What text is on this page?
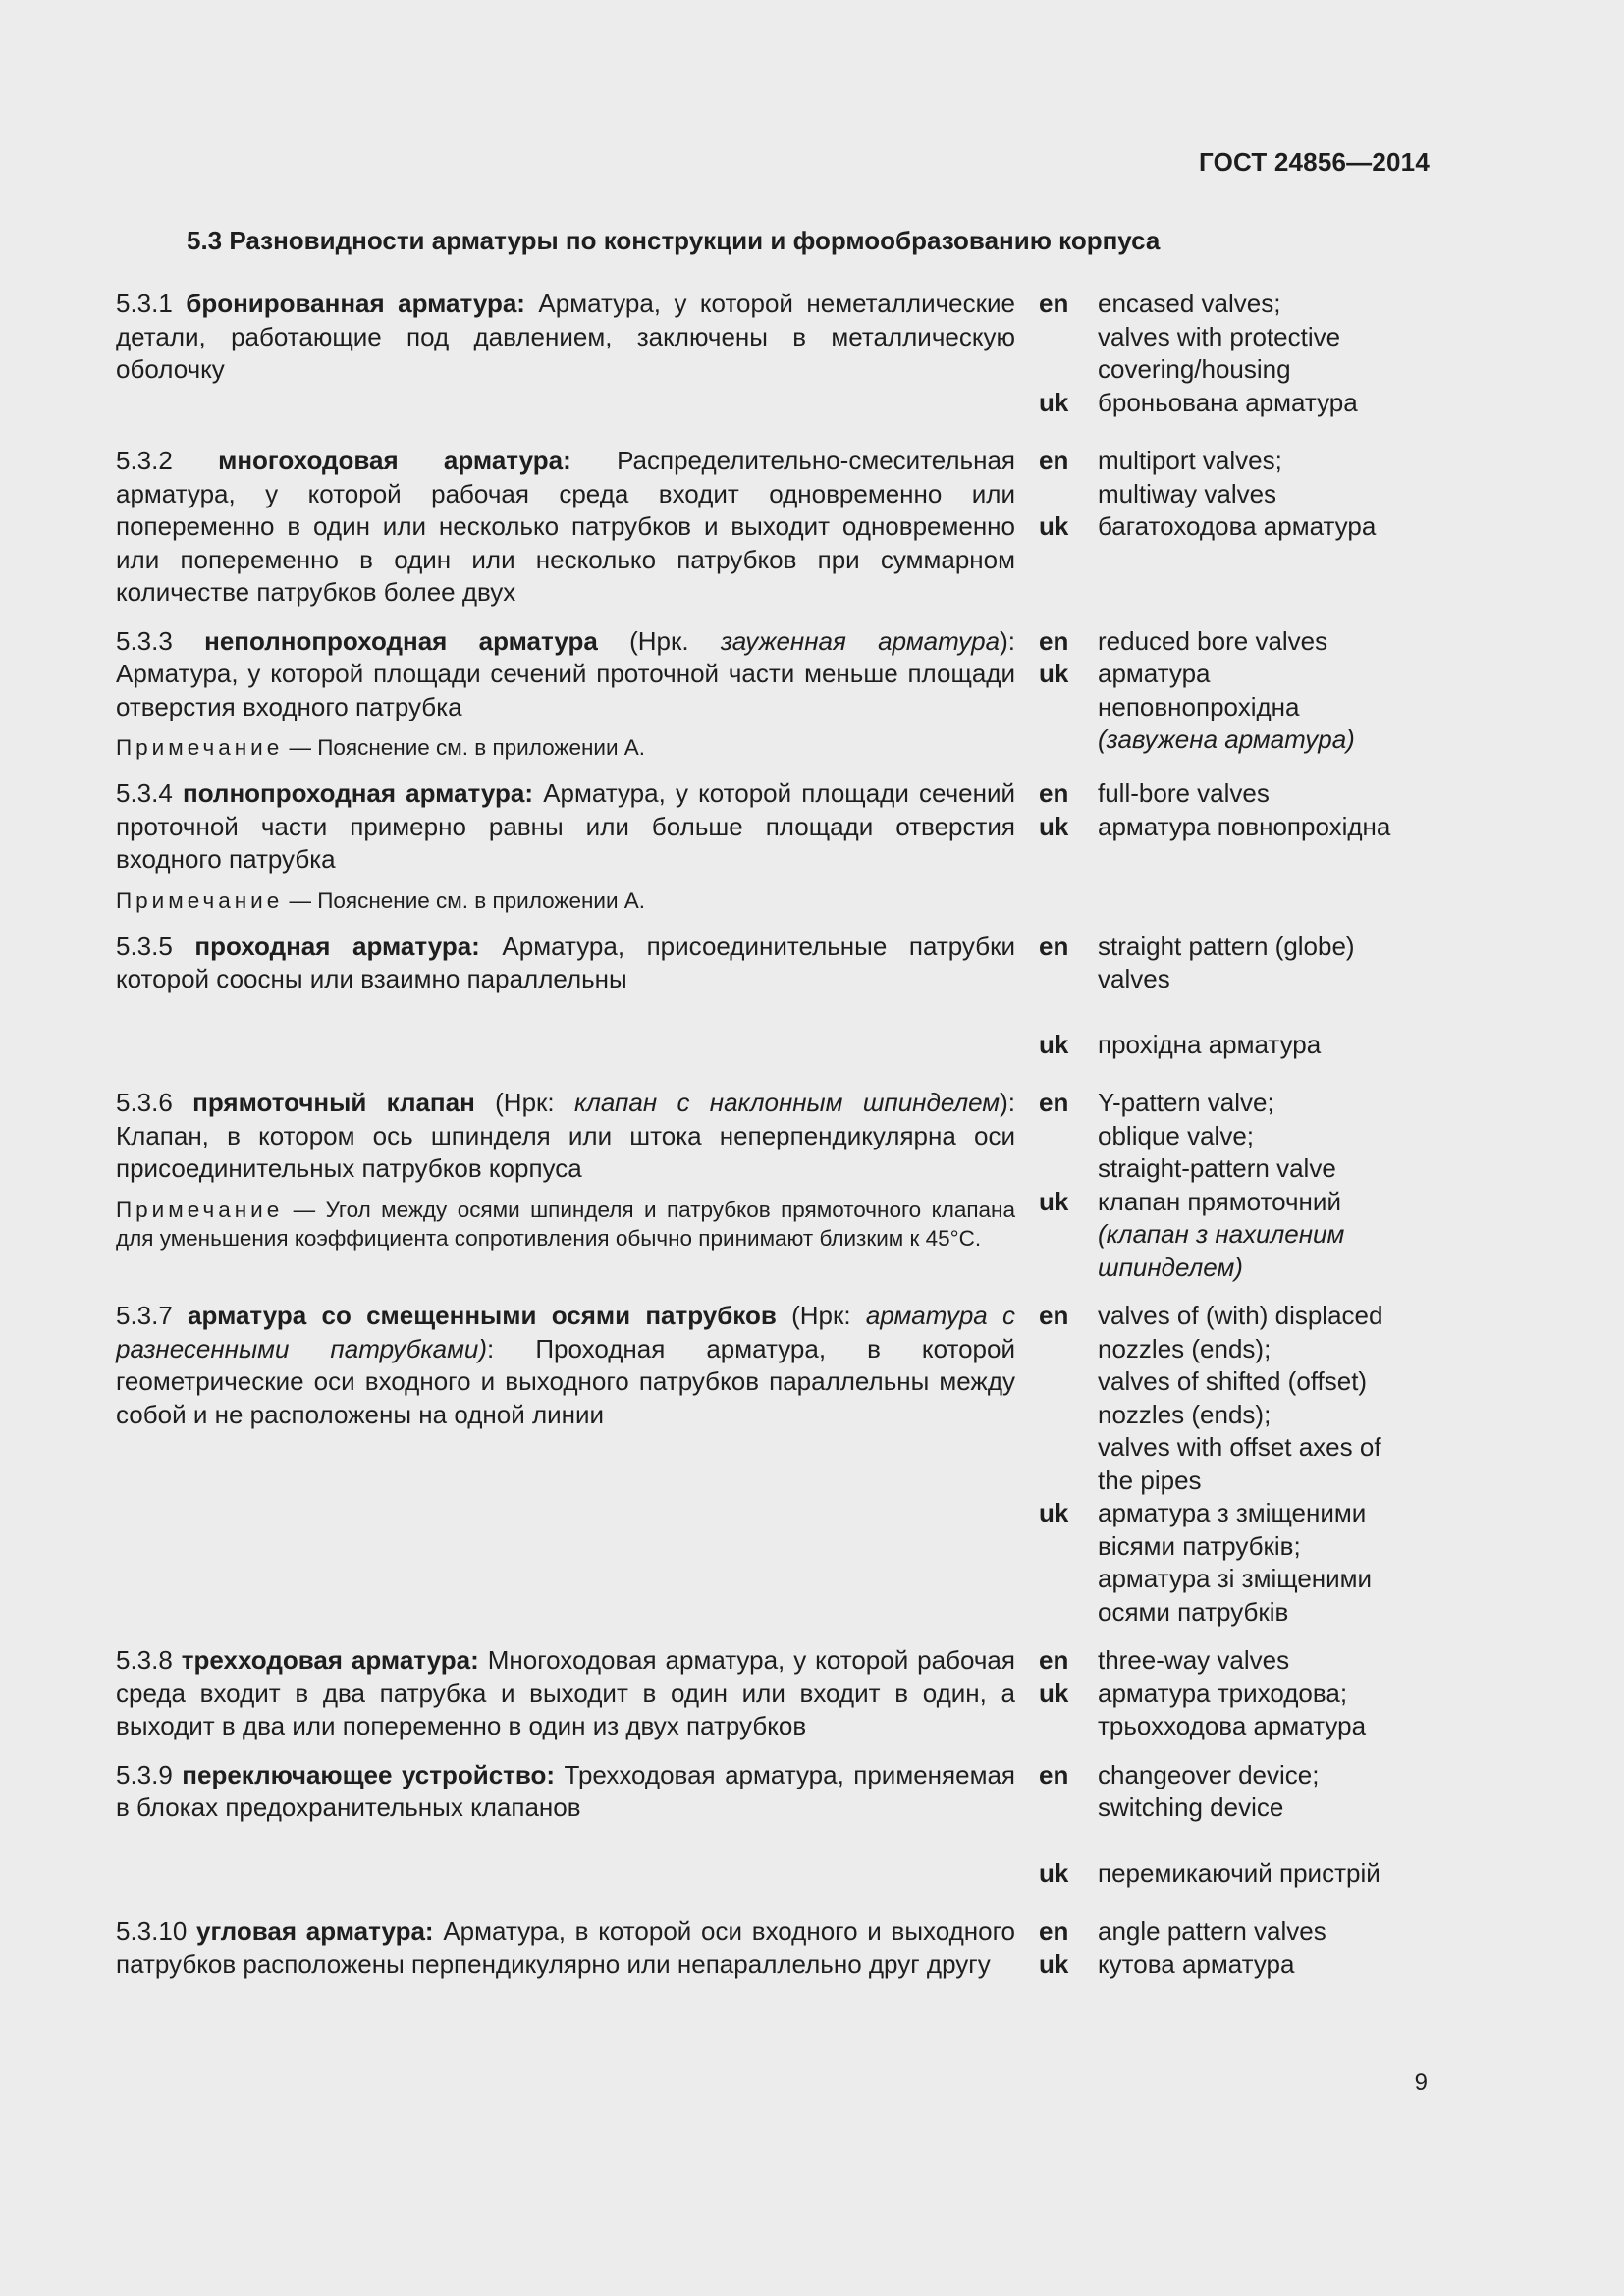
ГОСТ 24856—2014
5.3 Разновидности арматуры по конструкции и формообразованию корпуса

5.3.1 бронированная арматура: Арматура, у которой неметаллические детали, работающие под давлением, заключены в металлическую оболочку

en	encased valves;
valves with protective
covering/housing
uk	броньована арматура

5.3.2 многоходовая арматура: Распределительно-смесительная арматура, у которой рабочая среда входит одновременно или попеременно в один или несколько патрубков и выходит одновременно или попеременно в один или несколько патрубков при суммарном количестве патрубков более двух

en	multiport valves;
multiway valves
uk	багатоходова арматура

5.3.3 неполнопроходная арматура (Нрк. зауженная арматура): Арматура, у которой площади сечений проточной части меньше площади отверстия входного патрубка

Примечание — Пояснение см. в приложении А.

en	reduced bore valves
uk	арматура
неповнопрохідна
(завужена арматура)

5.3.4 полнопроходная арматура: Арматура, у которой площади сечений проточной части примерно равны или больше площади отверстия входного патрубка

Примечание — Пояснение см. в приложении А.

en	full-bore valves
uk	арматура повнопрохідна

5.3.5 проходная арматура: Арматура, присоединительные патрубки которой соосны или взаимно параллельны

en	straight pattern (globe)
valves
uk	прохідна арматура

5.3.6 прямоточный клапан (Нрк: клапан с наклонным шпинделем): Клапан, в котором ось шпинделя или штока неперпендикулярна оси присоединительных патрубков корпуса

Примечание — Угол между осями шпинделя и патрубков прямоточного клапана для уменьшения коэффициента сопротивления обычно принимают близким к 45°С.

en	Y-pattern valve;
oblique valve;
straight-pattern valve
uk	клапан прямоточний
(клапан з нахиленим
шпинделем)

5.3.7 арматура со смещенными осями патрубков (Нрк: арматура с разнесенными патрубками): Проходная арматура, в которой геометрические оси входного и выходного патрубков параллельны между собой и не расположены на одной линии

en	valves of (with) displaced
nozzles (ends);
valves of shifted (offset)
nozzles (ends);
valves with offset axes of
the pipes
uk	арматура з зміщеними
вісями патрубків;
арматура зі зміщеними
осями патрубків

5.3.8 трехходовая арматура: Многоходовая арматура, у которой рабочая среда входит в два патрубка и выходит в один или входит в один, а выходит в два или попеременно в один из двух патрубков

en	three-way valves
uk	арматура триходова;
трьохходова арматура

5.3.9 переключающее устройство: Трехходовая арматура, применяемая в блоках предохранительных клапанов

en	changeover device;
switching device
uk	перемикаючий пристрій

5.3.10 угловая арматура: Арматура, в которой оси входного и выходного патрубков расположены перпендикулярно или непараллельно друг другу

en	angle pattern valves
uk	кутова арматура
9
